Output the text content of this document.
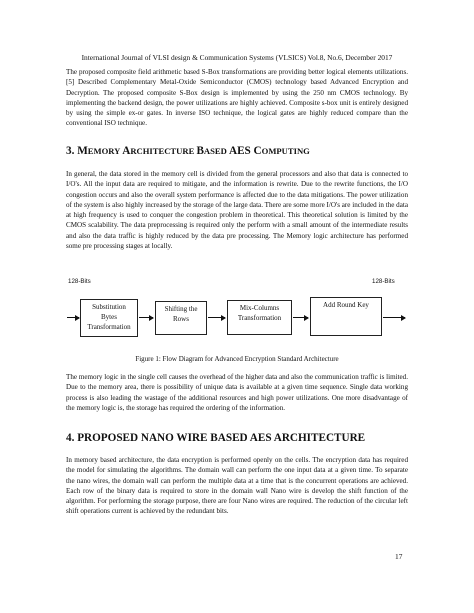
International Journal of VLSI design & Communication Systems (VLSICS) Vol.8, No.6, December 2017

The proposed composite field arithmetic based S-Box transformations are providing better logical elements utilizations. [5] Described Complementary Metal-Oxide Semiconductor (CMOS) technology based Advanced Encryption and Decryption. The proposed composite S-Box design is implemented by using the 250 nm CMOS technology. By implementing the backend design, the power utilizations are highly achieved. Composite s-box unit is entirely designed by using the simple ex-or gates. In inverse ISO technique, the logical gates are highly reduced compare than the conventional ISO technique.

3. MEMORY ARCHITECTURE BASED AES COMPUTING

In general, the data stored in the memory cell is divided from the general processors and also that data is connected to I/O's. All the input data are required to mitigate, and the information is rewrite. Due to the rewrite functions, the I/O congestion occurs and also the overall system performance is affected due to the data mitigations. The power utilization of the system is also highly increased by the storage of the large data. There are some more I/O's are included in the data at high frequency is used to conquer the congestion problem in theoretical. This theoretical solution is limited by the CMOS scalability. The data preprocessing is required only the perform with a small amount of the intermediate results and also the data traffic is highly reduced by the data pre processing. The Memory logic architecture has performed some pre processing stages at locally.

128-Bits	128-Bits
Substitution
Bytes
Transformation
Shifting the
Rows
Mix-Columns
Transformation
Add Round Key
Figure 1: Flow Diagram for Advanced Encryption Standard Architecture

The memory logic in the single cell causes the overhead of the higher data and also the communication traffic is limited. Due to the memory area, there is possibility of unique data is available at a given time sequence. Single data working process is also leading the wastage of the additional resources and high power utilizations. One more disadvantage of the memory logic is, the storage has required the ordering of the information.

4. PROPOSED NANO WIRE BASED AES ARCHITECTURE

In memory based architecture, the data encryption is performed openly on the cells. The encryption data has required the model for simulating the algorithms. The domain wall can perform the one input data at a given time. To separate the nano wires, the domain wall can perform the multiple data at a time that is the concurrent operations are achieved. Each row of the binary data is required to store in the domain wall Nano wire is develop the shift function of the algorithm. For performing the storage purpose, there are four Nano wires are required. The reduction of the circular left shift operations current is achieved by the redundant bits.

17
